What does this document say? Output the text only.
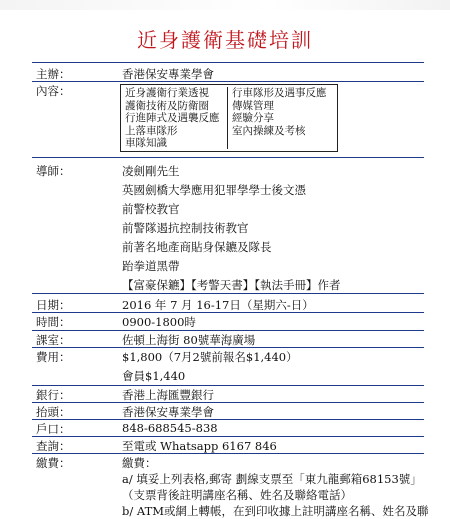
近身護衛基礎培訓
主辦：	香港保安專業學會
內容：	近身護衛行業透視
護衛技術及防衛圈
行進陣式及遇襲反應
上落車隊形
車隊知識
行車隊形及遇事反應
傳媒管理
經驗分享
室內操練及考核
導師：	凌劍剛先生
英國劍橋大學應用犯罪學學士後文憑
前警校教官
前警隊遏抗控制技術教官
前著名地產商貼身保鑣及隊長
跆拳道黑帶
【富豪保鑣】【考警天書】【執法手冊】作者
日期：	2016 年 7 月 16-17日（星期六-日）
時間：	0900-1800時
課室：	佐頓上海街 80號華海廣場
費用：	$1,800（7月2號前報名$1,440）
會員$1,440
銀行：	香港上海匯豐銀行
抬頭：	香港保安專業學會
戶口：	848-688545-838
查詢：	至電或 Whatsapp 6167 846
繳費：	繳費：
a/ 填妥上列表格,郵寄 劃線支票至「東九龍郵箱68153號」
（支票背後註明講座名稱、姓名及聯絡電話）
b/ ATM或網上轉帳，在到印收據上註明講座名稱、姓名及聯
